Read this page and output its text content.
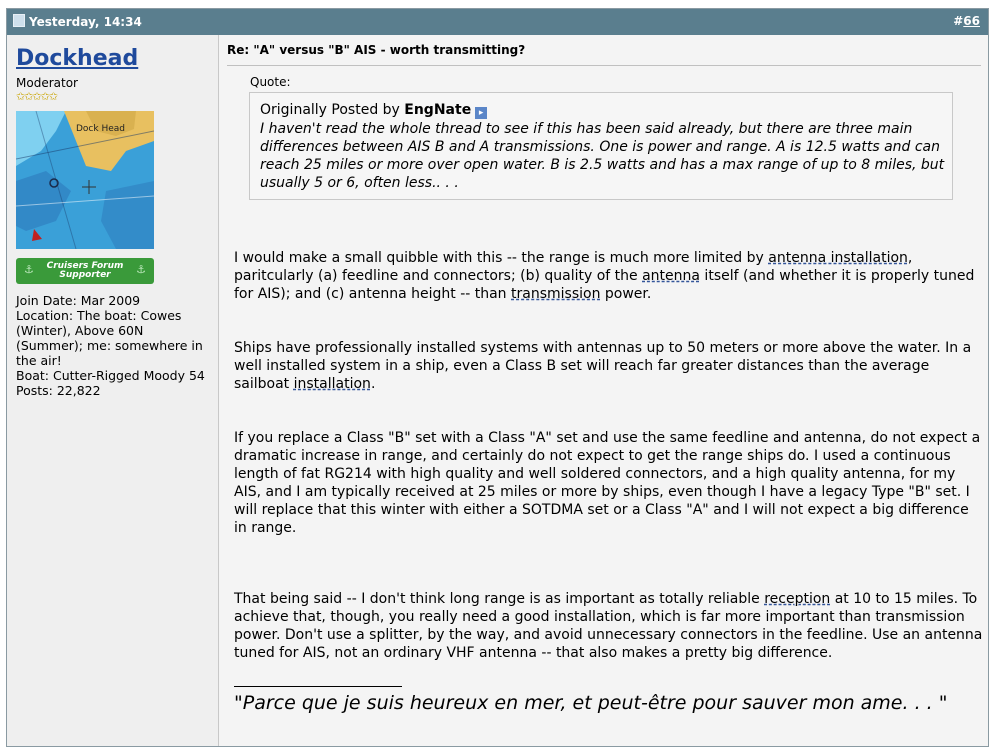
Yesterday, 14:34	#66
Dockhead
Moderator
✩✩✩✩✩
Dock Head
⚓	Cruisers Forum
Supporter ⚓
Join Date: Mar 2009
Location: The boat: Cowes (Winter), Above 60N (Summer); me: somewhere in the air!
Boat: Cutter-Rigged Moody 54
Posts: 22,822
Re: "A" versus "B" AIS - worth transmitting?
Quote:
Originally Posted by EngNate ▸
I haven't read the whole thread to see if this has been said already, but there are three main differences between AIS B and A transmissions. One is power and range. A is 12.5 watts and can reach 25 miles or more over open water. B is 2.5 watts and has a max range of up to 8 miles, but usually 5 or 6, often less.. . .
I would make a small quibble with this -- the range is much more limited by antenna installation, paritcularly (a) feedline and connectors; (b) quality of the antenna itself (and whether it is properly tuned for AIS); and (c) antenna height -- than transmission power.
Ships have professionally installed systems with antennas up to 50 meters or more above the water. In a well installed system in a ship, even a Class B set will reach far greater distances than the average sailboat installation.
If you replace a Class "B" set with a Class "A" set and use the same feedline and antenna, do not expect a dramatic increase in range, and certainly do not expect to get the range ships do. I used a continuous length of fat RG214 with high quality and well soldered connectors, and a high quality antenna, for my AIS, and I am typically received at 25 miles or more by ships, even though I have a legacy Type "B" set. I will replace that this winter with either a SOTDMA set or a Class "A" and I will not expect a big difference in range.
That being said -- I don't think long range is as important as totally reliable reception at 10 to 15 miles. To achieve that, though, you really need a good installation, which is far more important than transmission power. Don't use a splitter, by the way, and avoid unnecessary connectors in the feedline. Use an antenna tuned for AIS, not an ordinary VHF antenna -- that also makes a pretty big difference.
"Parce que je suis heureux en mer, et peut-être pour sauver mon ame. . . "
